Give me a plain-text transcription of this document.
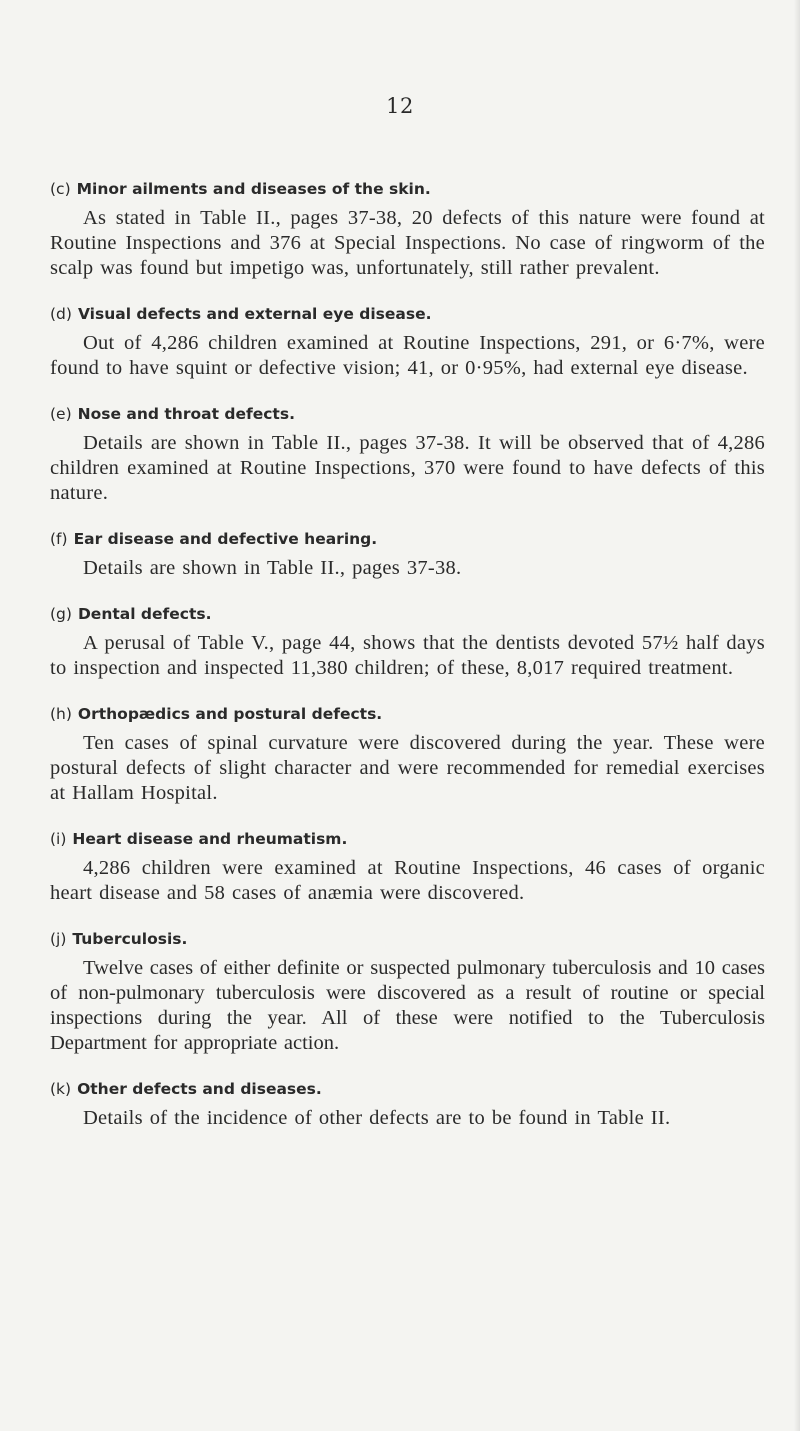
12
(c) Minor ailments and diseases of the skin.

As stated in Table II., pages 37-38, 20 defects of this nature were found at Routine Inspections and 376 at Special Inspections. No case of ringworm of the scalp was found but impetigo was, unfortunately, still rather prevalent.

(d) Visual defects and external eye disease.

Out of 4,286 children examined at Routine Inspections, 291, or 6·7%, were found to have squint or defective vision; 41, or 0·95%, had external eye disease.

(e) Nose and throat defects.

Details are shown in Table II., pages 37-38. It will be observed that of 4,286 children examined at Routine Inspections, 370 were found to have defects of this nature.

(f) Ear disease and defective hearing.

Details are shown in Table II., pages 37-38.

(g) Dental defects.

A perusal of Table V., page 44, shows that the dentists devoted 57½ half days to inspection and inspected 11,380 children; of these, 8,017 required treatment.

(h) Orthopædics and postural defects.

Ten cases of spinal curvature were discovered during the year. These were postural defects of slight character and were recommended for remedial exercises at Hallam Hospital.

(i) Heart disease and rheumatism.

4,286 children were examined at Routine Inspections, 46 cases of organic heart disease and 58 cases of anæmia were discovered.

(j) Tuberculosis.

Twelve cases of either definite or suspected pulmonary tuberculosis and 10 cases of non-pulmonary tuberculosis were discovered as a result of routine or special inspections during the year. All of these were notified to the Tuberculosis Department for appropriate action.

(k) Other defects and diseases.

Details of the incidence of other defects are to be found in Table II.
